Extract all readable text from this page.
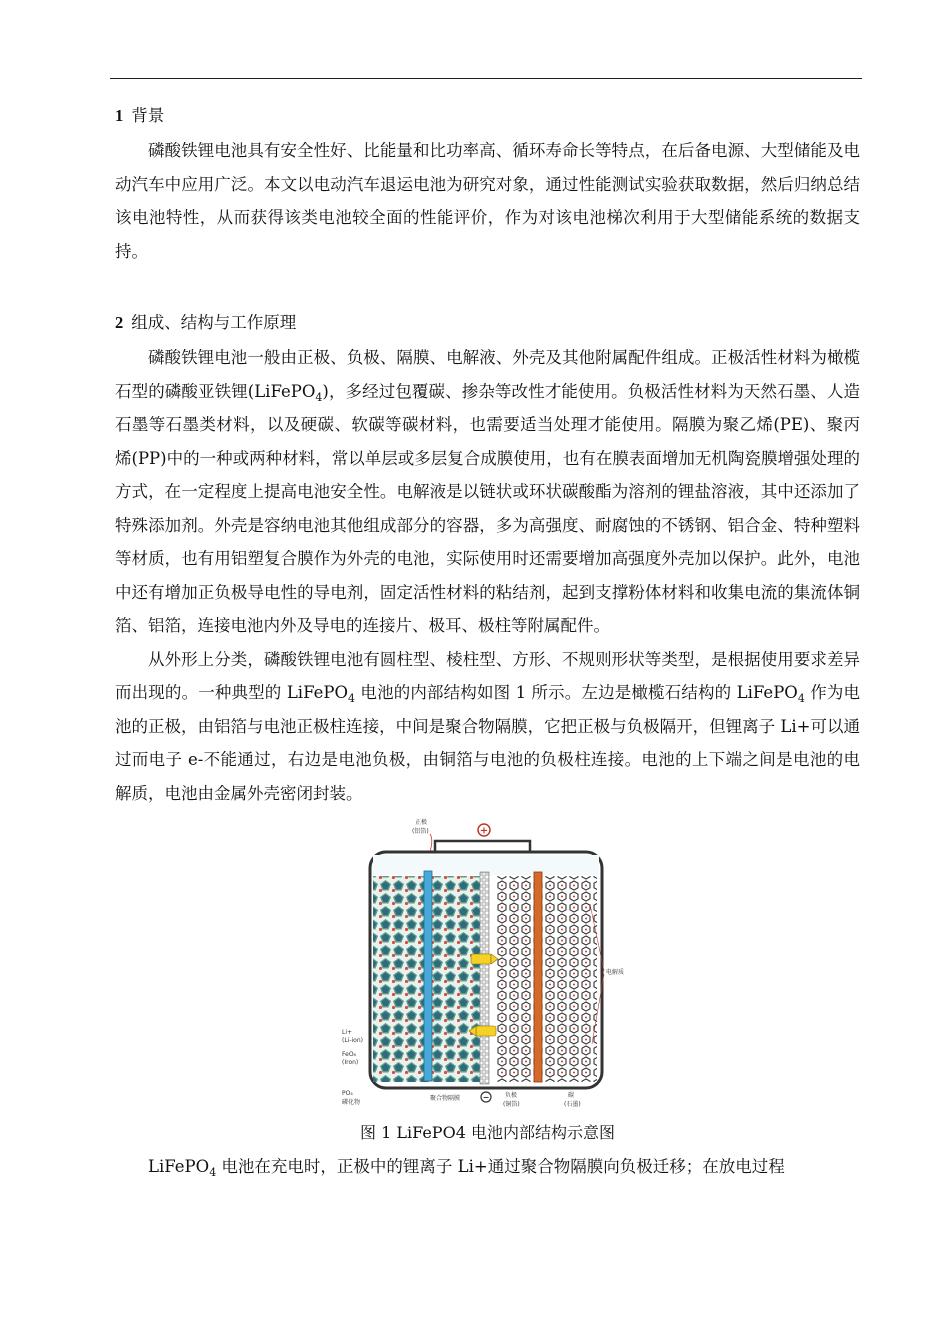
1 背景

磷酸铁锂电池具有安全性好、比能量和比功率高、循环寿命长等特点，在后备电源、大型储能及电动汽车中应用广泛。本文以电动汽车退运电池为研究对象，通过性能测试实验获取数据，然后归纳总结该电池特性，从而获得该类电池较全面的性能评价，作为对该电池梯次利用于大型储能系统的数据支持。

2 组成、结构与工作原理

磷酸铁锂电池一般由正极、负极、隔膜、电解液、外壳及其他附属配件组成。正极活性材料为橄榄石型的磷酸亚铁锂(LiFePO$_4$)，多经过包覆碳、掺杂等改性才能使用。负极活性材料为天然石墨、人造石墨等石墨类材料，以及硬碳、软碳等碳材料，也需要适当处理才能使用。隔膜为聚乙烯(PE)、聚丙烯(PP)中的一种或两种材料，常以单层或多层复合成膜使用，也有在膜表面增加无机陶瓷膜增强处理的方式，在一定程度上提高电池安全性。电解液是以链状或环状碳酸酯为溶剂的锂盐溶液，其中还添加了特殊添加剂。外壳是容纳电池其他组成部分的容器，多为高强度、耐腐蚀的不锈钢、铝合金、特种塑料等材质，也有用铝塑复合膜作为外壳的电池，实际使用时还需要增加高强度外壳加以保护。此外，电池中还有增加正负极导电性的导电剂，固定活性材料的粘结剂，起到支撑粉体材料和收集电流的集流体铜箔、铝箔，连接电池内外及导电的连接片、极耳、极柱等附属配件。

从外形上分类，磷酸铁锂电池有圆柱型、棱柱型、方形、不规则形状等类型，是根据使用要求差异而出现的。一种典型的 LiFePO$_4$ 电池的内部结构如图 1 所示。左边是橄榄石结构的 LiFePO$_4$ 作为电池的正极，由铝箔与电池正极柱连接，中间是聚合物隔膜，它把正极与负极隔开，但锂离子 Li+可以通过而电子 e-不能通过，右边是电池负极，由铜箔与电池的负极柱连接。电池的上下端之间是电池的电解质，电池由金属外壳密闭封装。

正极
(铝箔)	+
电解质
Li+
(Li-ion)
FeO₆
(Iron)
PO₄
磷化物
聚合物隔膜	−	负极
(铜箔)
碳
(石墨)

图 1 LiFePO4 电池内部结构示意图

LiFePO$_4$ 电池在充电时，正极中的锂离子 Li+通过聚合物隔膜向负极迁移；在放电过程
